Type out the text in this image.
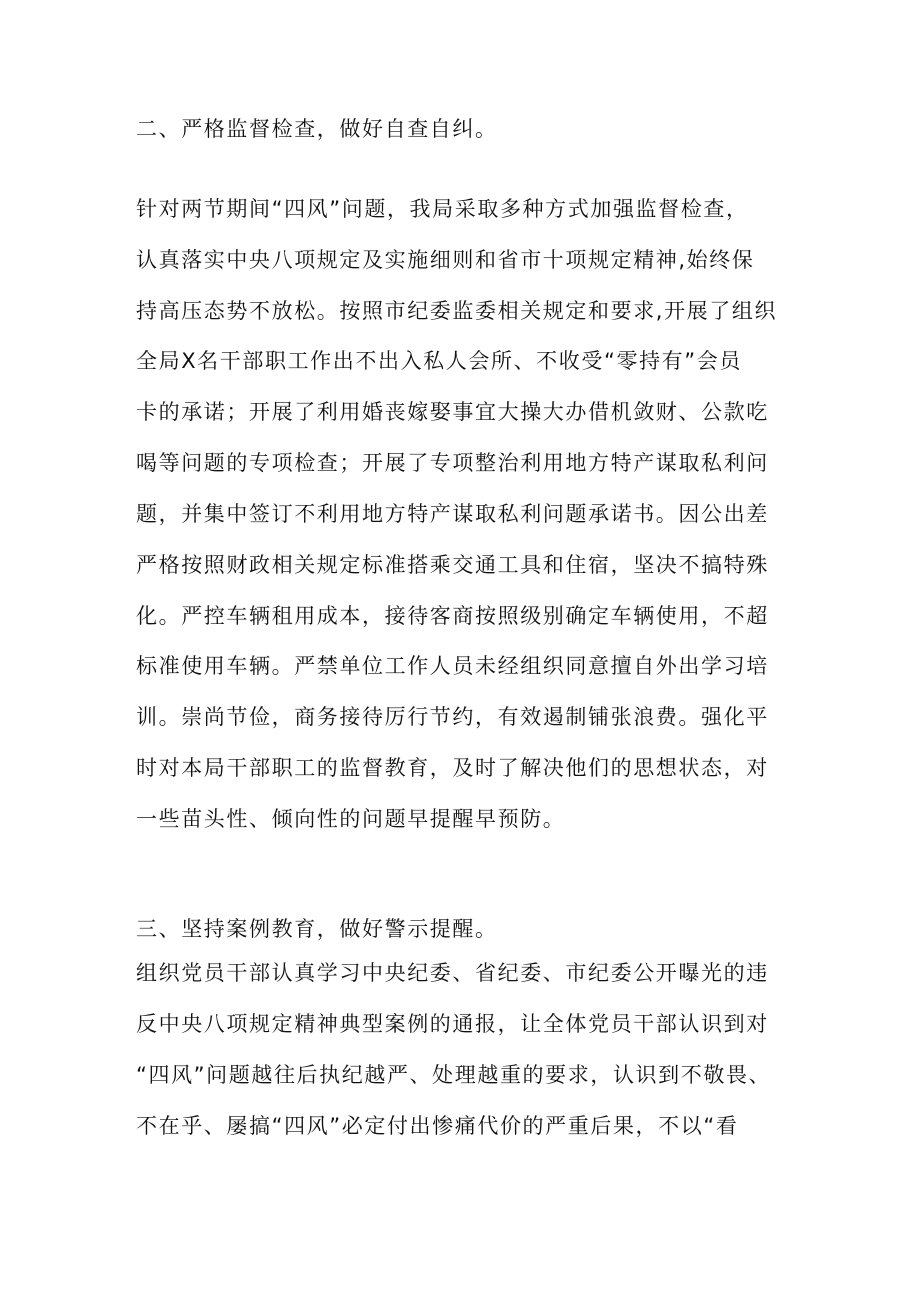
二、严格监督检查，做好自查自纠。
针对两节期间“四风”问题，我局采取多种方式加强监督检查，
认真落实中央八项规定及实施细则和省市十项规定精神,始终保
持高压态势不放松。按照市纪委监委相关规定和要求,开展了组织
全局X名干部职工作出不出入私人会所、不收受“零持有”会员
卡的承诺；开展了利用婚丧嫁娶事宜大操大办借机敛财、公款吃
喝等问题的专项检查；开展了专项整治利用地方特产谋取私利问
题，并集中签订不利用地方特产谋取私利问题承诺书。因公出差
严格按照财政相关规定标准搭乘交通工具和住宿，坚决不搞特殊
化。严控车辆租用成本，接待客商按照级别确定车辆使用，不超
标准使用车辆。严禁单位工作人员未经组织同意擅自外出学习培
训。崇尚节俭，商务接待厉行节约，有效遏制铺张浪费。强化平
时对本局干部职工的监督教育，及时了解决他们的思想状态，对
一些苗头性、倾向性的问题早提醒早预防。
三、坚持案例教育，做好警示提醒。
组织党员干部认真学习中央纪委、省纪委、市纪委公开曝光的违
反中央八项规定精神典型案例的通报，让全体党员干部认识到对
“四风”问题越往后执纪越严、处理越重的要求，认识到不敬畏、
不在乎、屡搞“四风”必定付出惨痛代价的严重后果，不以“看
